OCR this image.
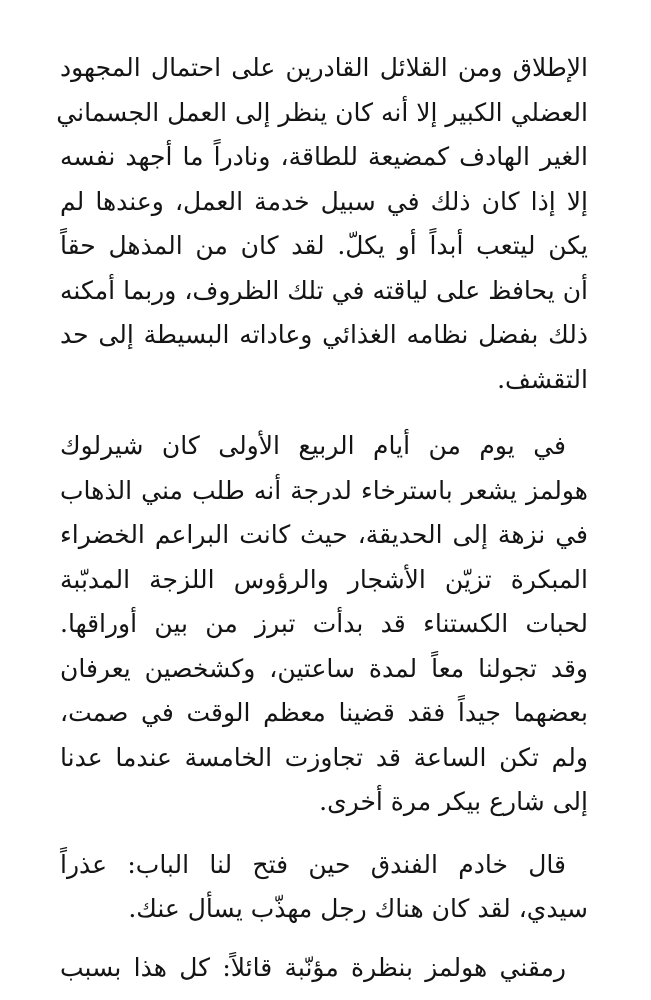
الإطلاق ومن القلائل القادرين على احتمال المجهود
العضلي الكبير إلا أنه كان ينظر إلى العمل الجسماني
الغير الهادف كمضيعة للطاقة، ونادراً ما أجهد نفسه
إلا إذا كان ذلك في سبيل خدمة العمل، وعندها لم
يكن ليتعب أبداً أو يكلّ. لقد كان من المذهل حقاً
أن يحافظ على لياقته في تلك الظروف، وربما أمكنه
ذلك بفضل نظامه الغذائي وعاداته البسيطة إلى حد
التقشف.
في يوم من أيام الربيع الأولى كان شيرلوك
هولمز يشعر باسترخاء لدرجة أنه طلب مني الذهاب
في نزهة إلى الحديقة، حيث كانت البراعم الخضراء
المبكرة تزيّن الأشجار والرؤوس اللزجة المدبّبة
لحبات الكستناء قد بدأت تبرز من بين أوراقها.
وقد تجولنا معاً لمدة ساعتين، وكشخصين يعرفان
بعضهما جيداً فقد قضينا معظم الوقت في صمت،
ولم تكن الساعة قد تجاوزت الخامسة عندما عدنا
إلى شارع بيكر مرة أخرى.
قال خادم الفندق حين فتح لنا الباب: عذراً
سيدي، لقد كان هناك رجل مهذّب يسأل عنك.
رمقني هولمز بنظرة مؤنّبة قائلاً: كل هذا بسبب
